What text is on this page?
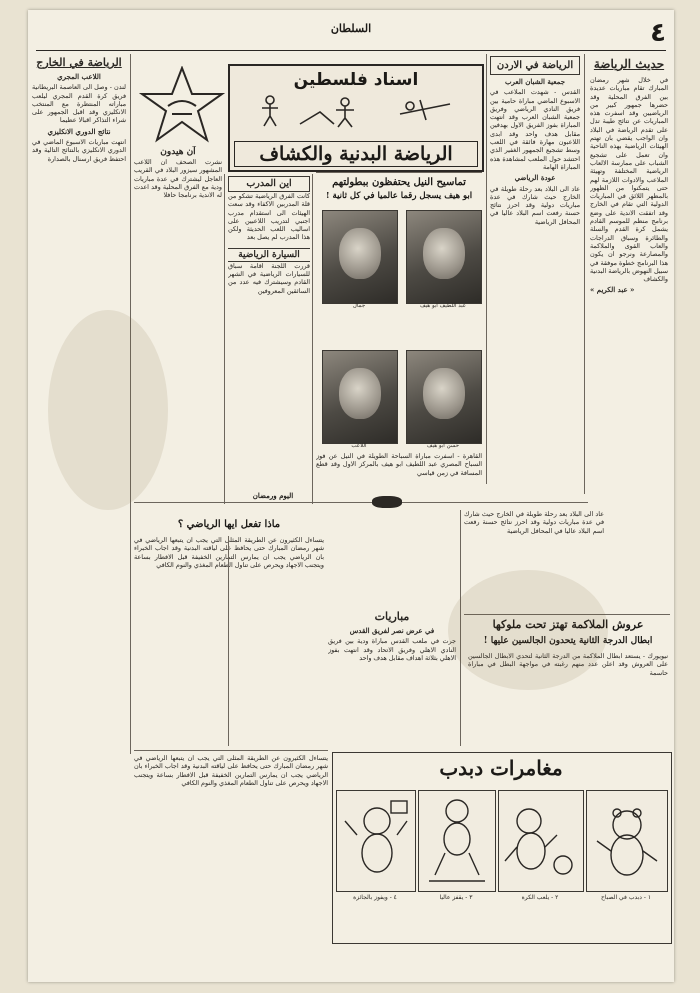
٤
السلطان
حديث الرياضة
في خلال شهر رمضان المبارك تقام مباريات عديدة بين الفرق المحلية وقد حضرها جمهور كبير من الرياضيين وقد اسفرت هذه المباريات عن نتائج طيبة تدل على تقدم الرياضة في البلاد وان الواجب يقضي بان تهتم الهيئات الرياضية بهذه الناحية وان تعمل على تشجيع الشباب على ممارسة الالعاب الرياضية المختلفة وتهيئة الملاعب والادوات اللازمة لهم حتى يتمكنوا من الظهور بالمظهر اللائق في المباريات الدولية التي تقام في الخارج وقد اتفقت الاندية على وضع برنامج منظم للموسم القادم يشمل كرة القدم والسلة والطائرة وسباق الدراجات والعاب القوى والملاكمة والمصارعة ونرجو ان يكون هذا البرنامج خطوة موفقة في سبيل النهوض بالرياضة البدنية والكشاف
« عبد الكريم »
الرياضة في الاردن
جمعية الشبان العرب
القدس - شهدت الملاعب في الاسبوع الماضي مباراة حامية بين فريق النادي الرياضي وفريق جمعية الشبان العرب وقد انتهت المباراة بفوز الفريق الاول بهدفين مقابل هدف واحد وقد ابدى اللاعبون مهارة فائقة في اللعب وسط تشجيع الجمهور الغفير الذي احتشد حول الملعب لمشاهدة هذه المباراة الهامة
عودة الرياضي
عاد الى البلاد بعد رحلة طويلة في الخارج حيث شارك في عدة مباريات دولية وقد احرز نتائج حسنة رفعت اسم البلاد عاليا في المحافل الرياضية
اسناد فلسطين
الرياضة البدنية والكشاف
آن هيدون
نشرت الصحف ان اللاعب المشهور سيزور البلاد في القريب العاجل ليشترك في عدة مباريات ودية مع الفرق المحلية وقد اعدت له الاندية برنامجا حافلا
الرياضة في الخارج
اللاعب المجري
لندن - وصل الى العاصمة البريطانية فريق كرة القدم المجري ليلعب مباراته المنتظرة مع المنتخب الانكليزي وقد اقبل الجمهور على شراء التذاكر اقبالا عظيما
نتائج الدوري الانكليزي
انتهت مباريات الاسبوع الماضي في الدوري الانكليزي بالنتائج التالية وقد احتفظ فريق ارسنال بالصدارة
تماسيح النيل يحتفظون ببطولتهم
ابو هيف يسجل رقما عالميا في كل ثانية !
عبد اللطيف ابو هيف
جمال
حسن ابو هيف
اللاعب
القاهرة - اسفرت مباراة السباحة الطويلة في النيل عن فوز السباح المصري عبد اللطيف ابو هيف بالمركز الاول وقد قطع المسافة في زمن قياسي
اين المدرب
كانت الفرق الرياضية تشكو من قلة المدربين الاكفاء وقد سعت الهيئات الى استقدام مدرب اجنبي لتدريب اللاعبين على اساليب اللعب الحديثة ولكن هذا المدرب لم يصل بعد
السيارة الرياضية
قررت اللجنة اقامة سباق للسيارات الرياضية في الشهر القادم وسيشترك فيه عدد من السائقين المعروفين
اليوم ورمضان
ماذا تفعل ايها الرياضي ؟
يتساءل الكثيرون عن الطريقة المثلى التي يجب ان يتبعها الرياضي في شهر رمضان المبارك حتى يحافظ على لياقته البدنية وقد اجاب الخبراء بان الرياضي يجب ان يمارس التمارين الخفيفة قبل الافطار بساعة ويتجنب الاجهاد ويحرص على تناول الطعام المغذي والنوم الكافي
مباريات
في عرض نصر لفريق القدس
جرت في ملعب القدس مباراة ودية بين فريق النادي الاهلي وفريق الاتحاد وقد انتهت بفوز الاهلي بثلاثة اهداف مقابل هدف واحد
عاد الى البلاد بعد رحلة طويلة في الخارج حيث شارك في عدة مباريات دولية وقد احرز نتائج حسنة رفعت اسم البلاد عاليا في المحافل الرياضية
عروش الملاكمة تهتز تحت ملوكها
ابطال الدرجة الثانية يتحدون الجالسين عليها !
نيويورك - يستعد ابطال الملاكمة من الدرجة الثانية لتحدي الابطال الجالسين على العروش وقد اعلن عدد منهم رغبته في مواجهة البطل في مباراة حاسمة
مغامرات دبدب
١ - دبدب في الصباح
٢ - يلعب الكرة
٣ - يقفز عاليا
٤ - ويفوز بالجائزة
يتساءل الكثيرون عن الطريقة المثلى التي يجب ان يتبعها الرياضي في شهر رمضان المبارك حتى يحافظ على لياقته البدنية وقد اجاب الخبراء بان الرياضي يجب ان يمارس التمارين الخفيفة قبل الافطار بساعة ويتجنب الاجهاد ويحرص على تناول الطعام المغذي والنوم الكافي
